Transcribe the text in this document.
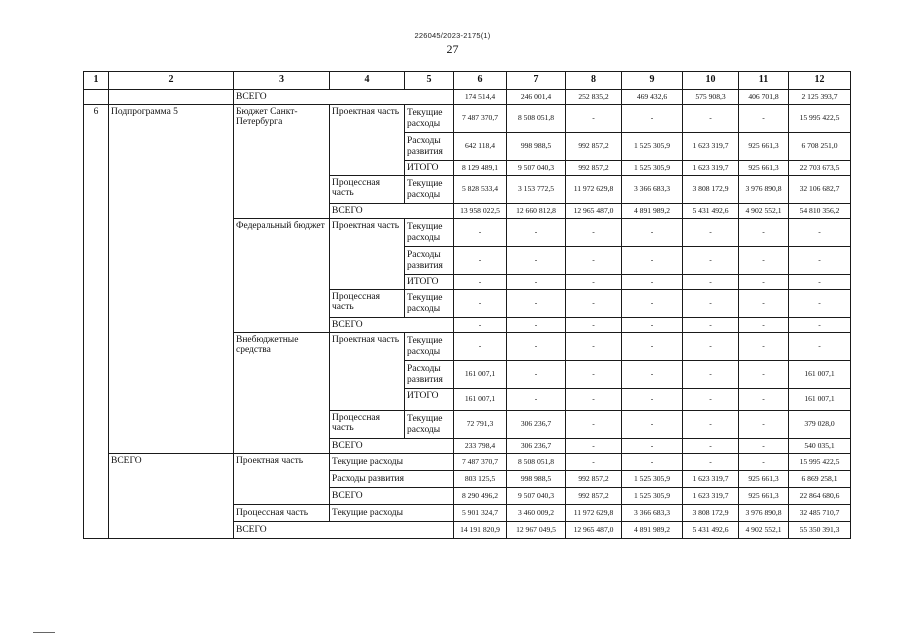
226045/2023-2175(1)
27
1	2	3	4	5	6	7	8	9	10	11	12
		ВСЕГО			174 514,4	246 001,4	252 835,2	469 432,6	575 908,3	406 701,8	2 125 393,7
6	Подпрограмма 5	Бюджет Санкт-Петербурга	Проектная часть	Текущие расходы	7 487 370,7	8 508 051,8	-	-	-	-	15 995 422,5
				Расходы развития	642 118,4	998 988,5	992 857,2	1 525 305,9	1 623 319,7	925 661,3	6 708 251,0
				ИТОГО	8 129 489,1	9 507 040,3	992 857,2	1 525 305,9	1 623 319,7	925 661,3	22 703 673,5
			Процессная часть	Текущие расходы	5 828 533,4	3 153 772,5	11 972 629,8	3 366 683,3	3 808 172,9	3 976 890,8	32 106 682,7
			ВСЕГО		13 958 022,5	12 660 812,8	12 965 487,0	4 891 989,2	5 431 492,6	4 902 552,1	54 810 356,2
		Федеральный бюджет	Проектная часть	Текущие расходы	-	-	-	-	-	-	-
				Расходы развития	-	-	-	-	-	-	-
				ИТОГО	-	-	-	-	-	-	-
			Процессная часть	Текущие расходы	-	-	-	-	-	-	-
			ВСЕГО		-	-	-	-	-	-	-
		Внебюджетные средства	Проектная часть	Текущие расходы	-	-	-	-	-	-	-
				Расходы развития	161 007,1	-	-	-	-	-	161 007,1
				ИТОГО	161 007,1	-	-	-	-	-	161 007,1
			Процессная часть	Текущие расходы	72 791,3	306 236,7	-	-	-	-	379 028,0
			ВСЕГО		233 798,4	306 236,7	-	-	-	-	540 035,1
	ВСЕГО	Проектная часть	Текущие расходы		7 487 370,7	8 508 051,8	-	-	-	-	15 995 422,5
			Расходы развития		803 125,5	998 988,5	992 857,2	1 525 305,9	1 623 319,7	925 661,3	6 869 258,1
			ВСЕГО		8 290 496,2	9 507 040,3	992 857,2	1 525 305,9	1 623 319,7	925 661,3	22 864 680,6
		Процессная часть	Текущие расходы		5 901 324,7	3 460 009,2	11 972 629,8	3 366 683,3	3 808 172,9	3 976 890,8	32 485 710,7
		ВСЕГО			14 191 820,9	12 967 049,5	12 965 487,0	4 891 989,2	5 431 492,6	4 902 552,1	55 350 391,3
